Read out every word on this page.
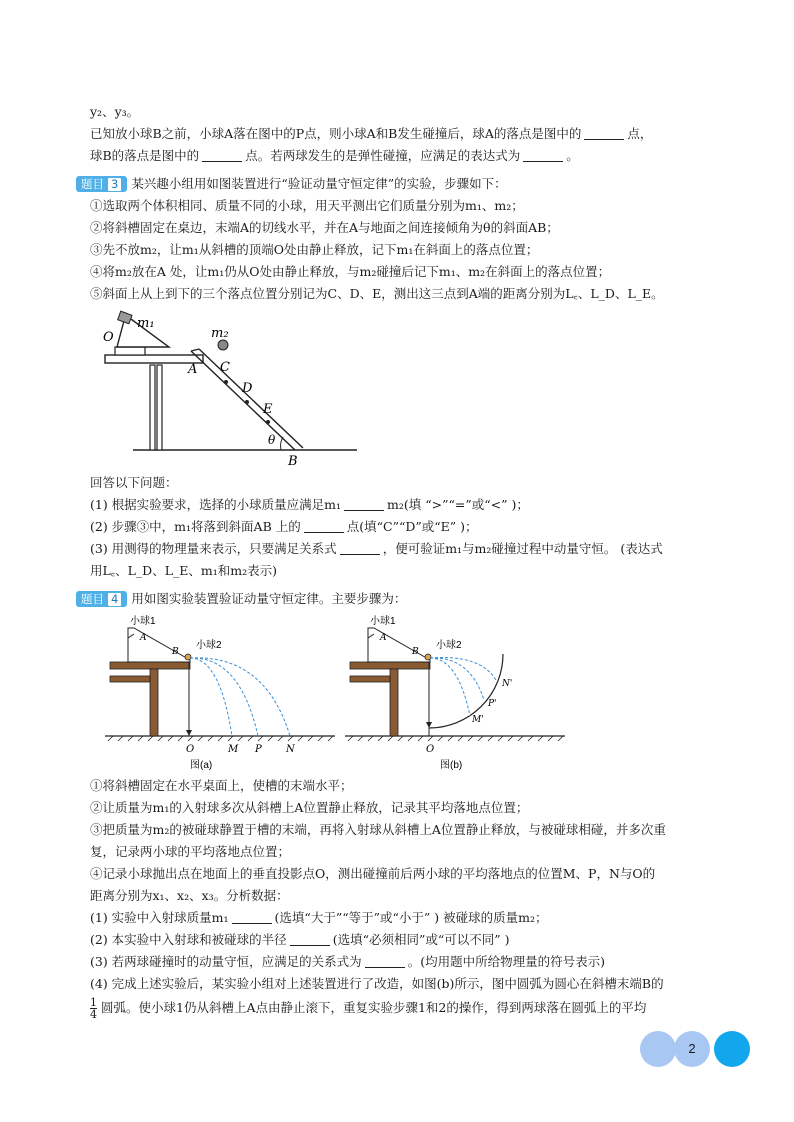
y₂、y₃。
已知放小球B之前，小球A落在图中的P点，则小球A和B发生碰撞后，球A的落点是图中的	点，
球B的落点是图中的	点。若两球发生的是弹性碰撞，应满足的表达式为	。
题目 3 某兴趣小组用如图装置进行“验证动量守恒定律”的实验，步骤如下：
①选取两个体积相同、质量不同的小球，用天平测出它们质量分别为m₁、m₂；
②将斜槽固定在桌边，末端A的切线水平，并在A与地面之间连接倾角为θ的斜面AB；
③先不放m₂，让m₁从斜槽的顶端O处由静止释放，记下m₁在斜面上的落点位置；
④将m₂放在A 处，让m₁仍从O处由静止释放，与m₂碰撞后记下m₁、m₂在斜面上的落点位置；
⑤斜面上从上到下的三个落点位置分别记为C、D、E，测出这三点到A端的距离分别为L꜀、L_D、L_E。
O
m₁
m₂
A C
D
E
θ
B
回答以下问题：
(1) 根据实验要求，选择的小球质量应满足m₁	m₂(填 “>”“=”或“<” )；
(2) 步骤③中，m₁将落到斜面AB 上的	点(填“C”“D”或“E” )；
(3) 用测得的物理量来表示，只要满足关系式	，便可验证m₁与m₂碰撞过程中动量守恒。 (表达式
用L꜀、L_D、L_E、m₁和m₂表示)
题目 4 用如图实验装置验证动量守恒定律。主要步骤为：
小球1
A
B
小球2
O	M P N
图(a)
小球1
A
B
小球2
O
N'
P'
M'
图(b)
①将斜槽固定在水平桌面上，使槽的末端水平；
②让质量为m₁的入射球多次从斜槽上A位置静止释放，记录其平均落地点位置；
③把质量为m₂的被碰球静置于槽的末端，再将入射球从斜槽上A位置静止释放，与被碰球相碰，并多次重
复，记录两小球的平均落地点位置；
④记录小球抛出点在地面上的垂直投影点O，测出碰撞前后两小球的平均落地点的位置M、P，N与O的
距离分别为x₁、x₂、x₃。分析数据：
(1) 实验中入射球质量m₁	(选填“大于”“等于”或“小于” ) 被碰球的质量m₂；
(2) 本实验中入射球和被碰球的半径	(选填“必须相同”或“可以不同” )
(3) 若两球碰撞时的动量守恒，应满足的关系式为	。(均用题中所给物理量的符号表示)
(4) 完成上述实验后，某实验小组对上述装置进行了改造，如图(b)所示，图中圆弧为圆心在斜槽末端B的
$\frac{1}{4}$ 圆弧。使小球1仍从斜槽上A点由静止滚下，重复实验步骤1和2的操作，得到两球落在圆弧上的平均
2
